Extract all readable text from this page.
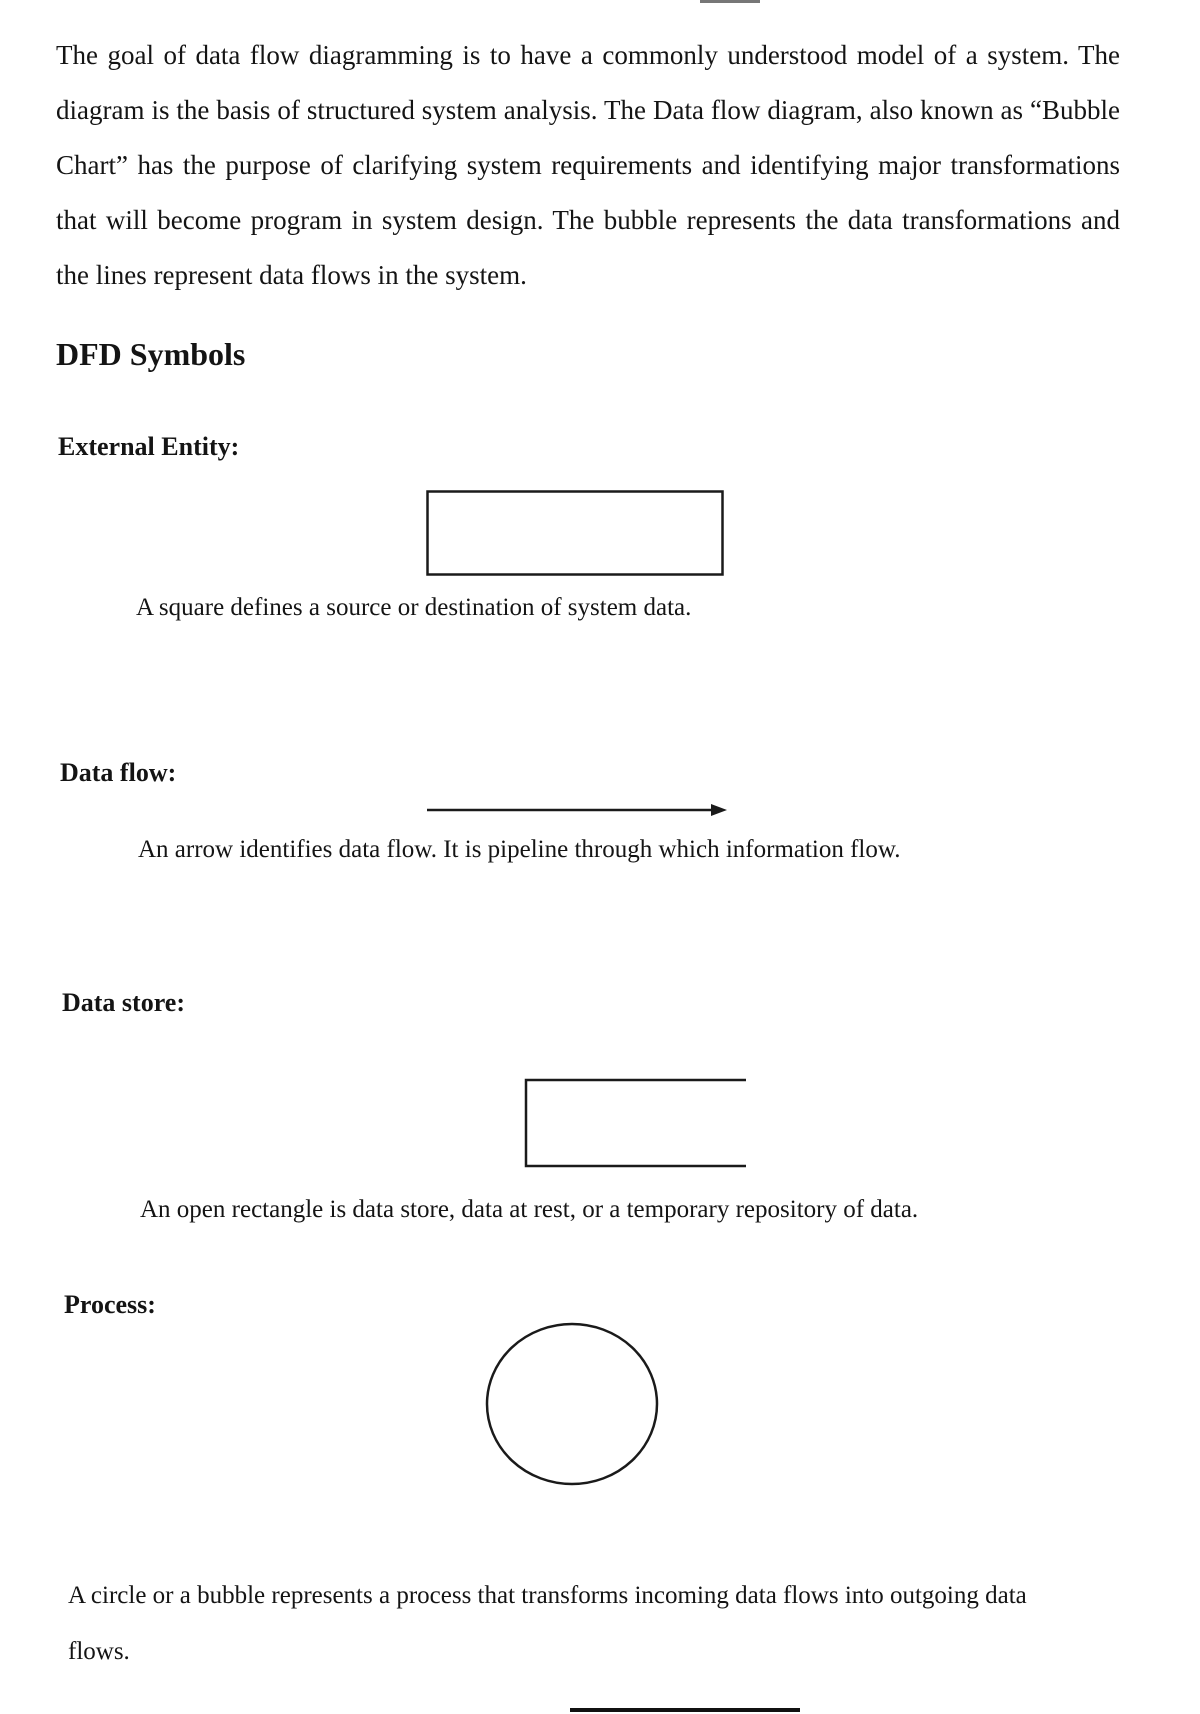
The goal of data flow diagramming is to have a commonly understood model of a system. The diagram is the basis of structured system analysis. The Data flow diagram, also known as “Bubble Chart” has the purpose of clarifying system requirements and identifying major transformations that will become program in system design. The bubble represents the data transformations and the lines represent data flows in the system.

DFD Symbols
External Entity:

A square defines a source or destination of system data.

Data flow:

An arrow identifies data flow. It is pipeline through which information flow.

Data store:

An open rectangle is data store, data at rest, or a temporary repository of data.

Process:

A circle or a bubble represents a process that transforms incoming data flows into outgoing data flows.
